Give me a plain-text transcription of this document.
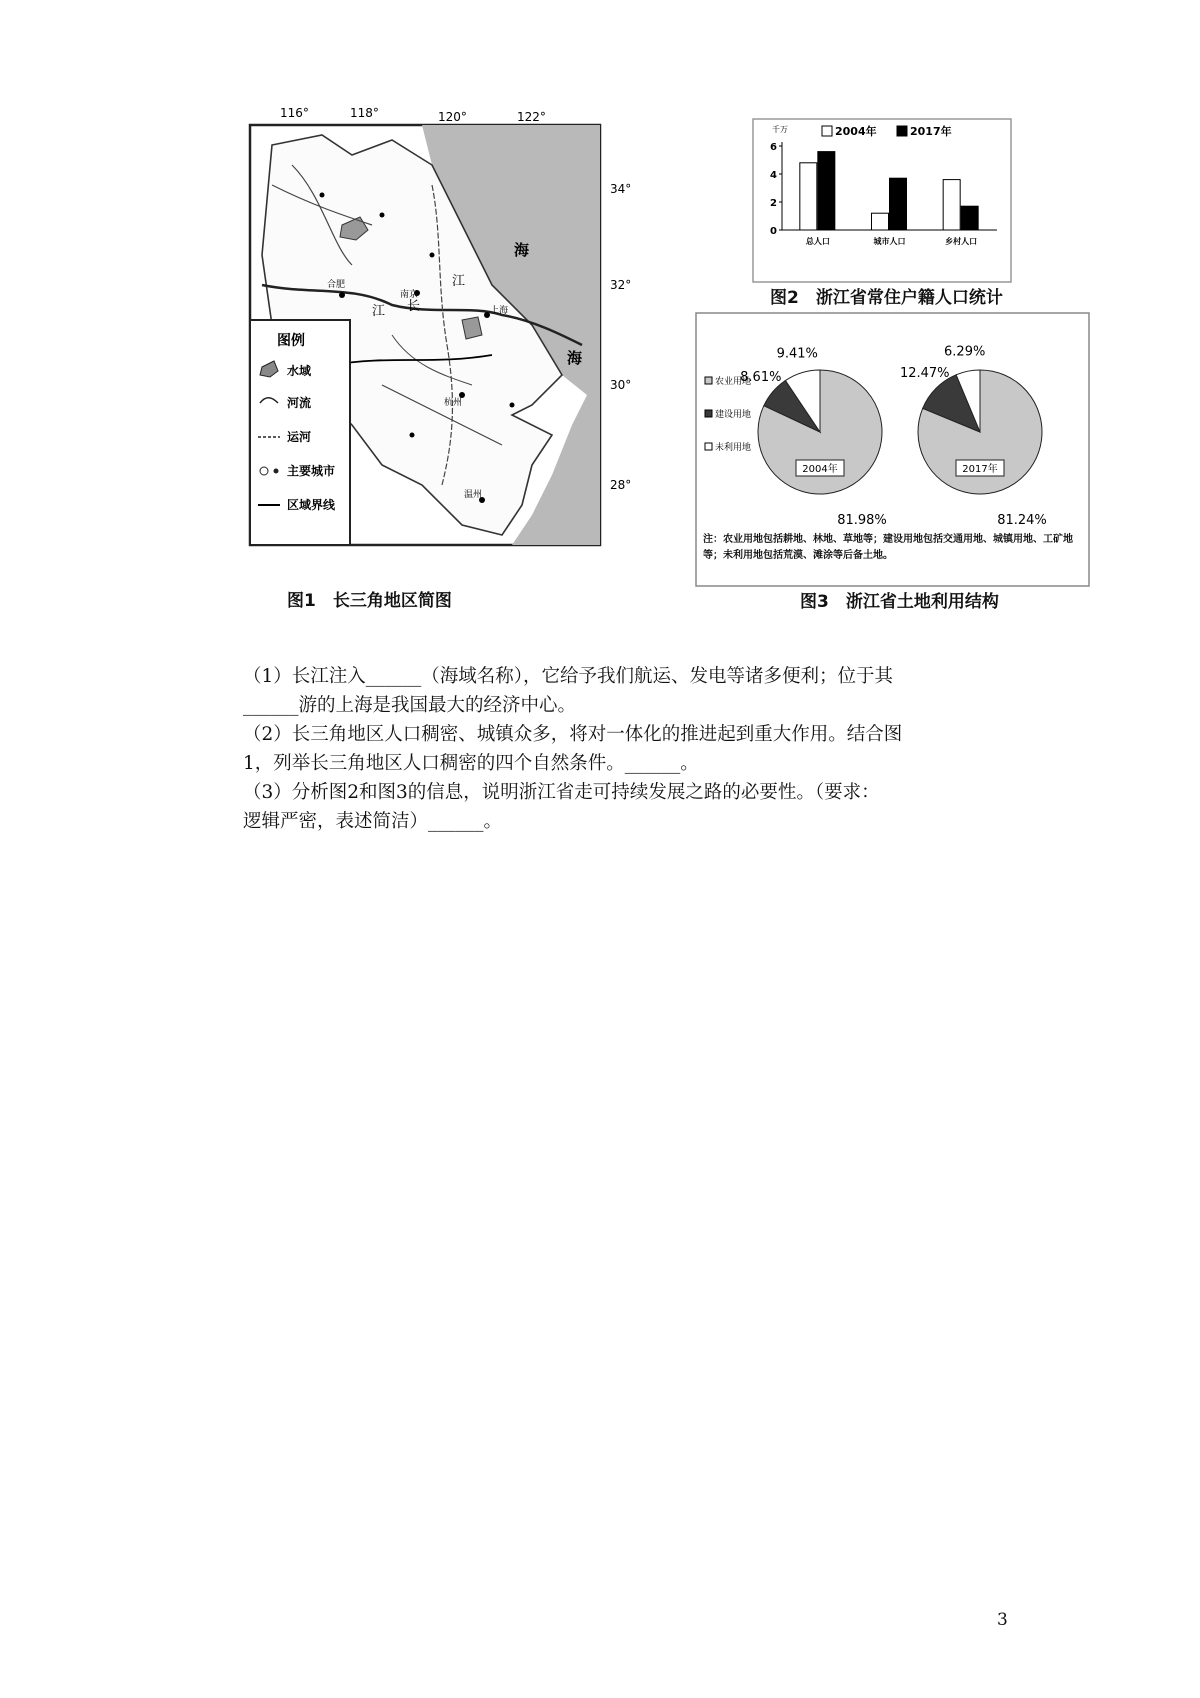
116°	118°	120°	122°
34°
32°
30°
28°
海
海
长
江
江
合肥
南京
上海
杭州
温州
图例
水域
河流
运河
主要城市
区域界线
图1　长三角地区简图
千万	2004年	2017年
0
2
4
6
总人口	城市人口	乡村人口
图2　浙江省常住户籍人口统计
农业用地
建设用地
未利用地
81.98%
8.61%
9.41%
2004年
81.24%
12.47%
6.29%
2017年
注：农业用地包括耕地、林地、草地等；建设用地包括交通用地、城镇用地、工矿地等；未利用地包括荒漠、滩涂等后备土地。
图3　浙江省土地利用结构

（1）长江注入______（海域名称），它给予我们航运、发电等诸多便利；位于其

______游的上海是我国最大的经济中心。

（2）长三角地区人口稠密、城镇众多，将对一体化的推进起到重大作用。结合图

1，列举长三角地区人口稠密的四个自然条件。______。

（3）分析图2和图3的信息，说明浙江省走可持续发展之路的必要性。（要求：

逻辑严密，表述简洁）______。

3
